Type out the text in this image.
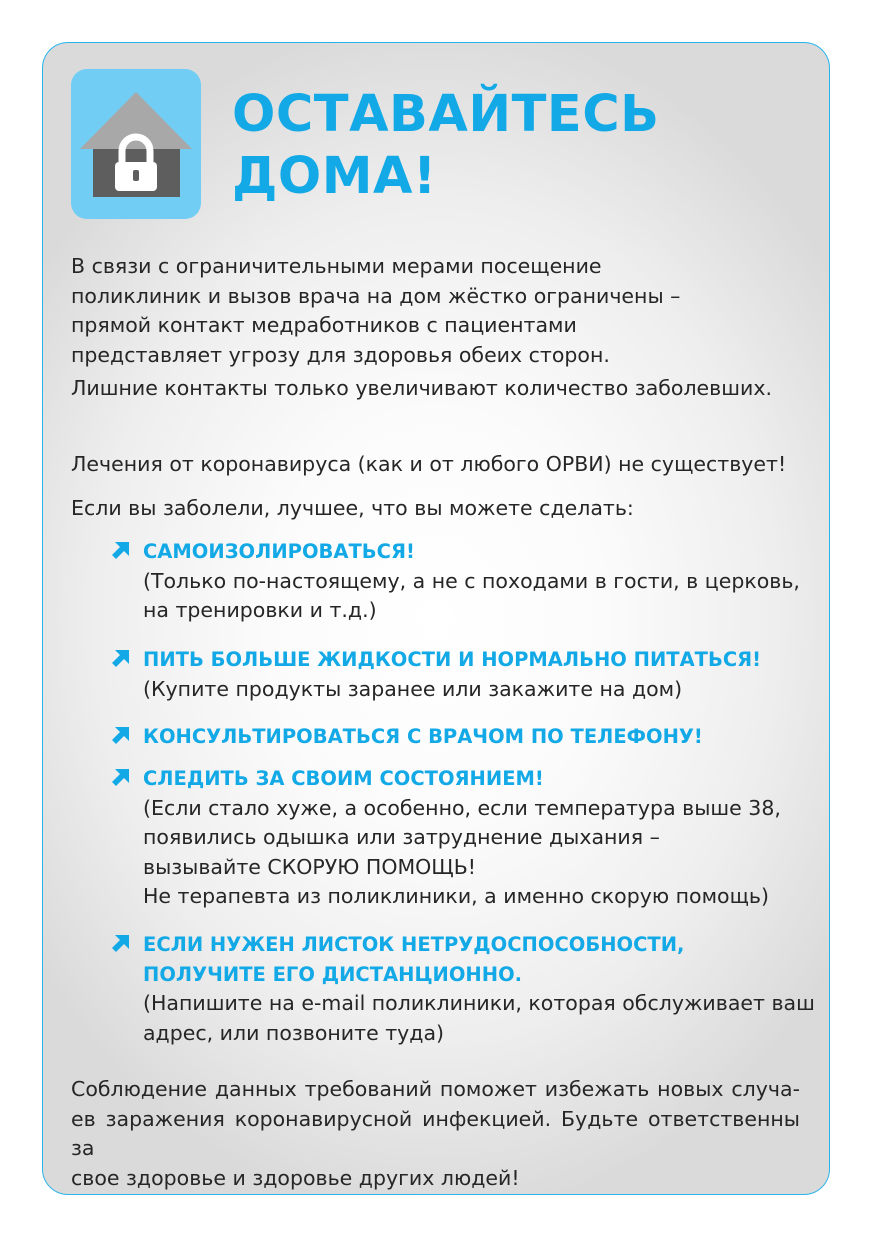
ОСТАВАЙТЕСЬ
ДОМА!

В связи с ограничительными мерами посещение
поликлиник и вызов врача на дом жёстко ограничены –
прямой контакт медработников с пациентами
представляет угрозу для здоровья обеих сторон.
Лишние контакты только увеличивают количество заболевших.

Лечения от коронавируса (как и от любого ОРВИ) не существует!

Если вы заболели, лучшее, что вы можете сделать:

САМОИЗОЛИРОВАТЬСЯ!

(Только по-настоящему, а не с походами в гости, в церковь,
на тренировки и т.д.)

ПИТЬ БОЛЬШЕ ЖИДКОСТИ И НОРМАЛЬНО ПИТАТЬСЯ!

(Купите продукты заранее или закажите на дом)

КОНСУЛЬТИРОВАТЬСЯ С ВРАЧОМ ПО ТЕЛЕФОНУ!

СЛЕДИТЬ ЗА СВОИМ СОСТОЯНИЕМ!

(Если стало хуже, а особенно, если температура выше 38,
появились одышка или затруднение дыхания –
вызывайте СКОРУЮ ПОМОЩЬ!
Не терапевта из поликлиники, а именно скорую помощь)

ЕСЛИ НУЖЕН ЛИСТОК НЕТРУДОСПОСОБНОСТИ,
ПОЛУЧИТЕ ЕГО ДИСТАНЦИОННО.

(Напишите на e-mail поликлиники, которая обслуживает ваш
адрес, или позвоните туда)

Соблюдение данных требований поможет избежать новых случа-
ев заражения коронавирусной инфекцией. Будьте ответственны за
свое здоровье и здоровье других людей!
